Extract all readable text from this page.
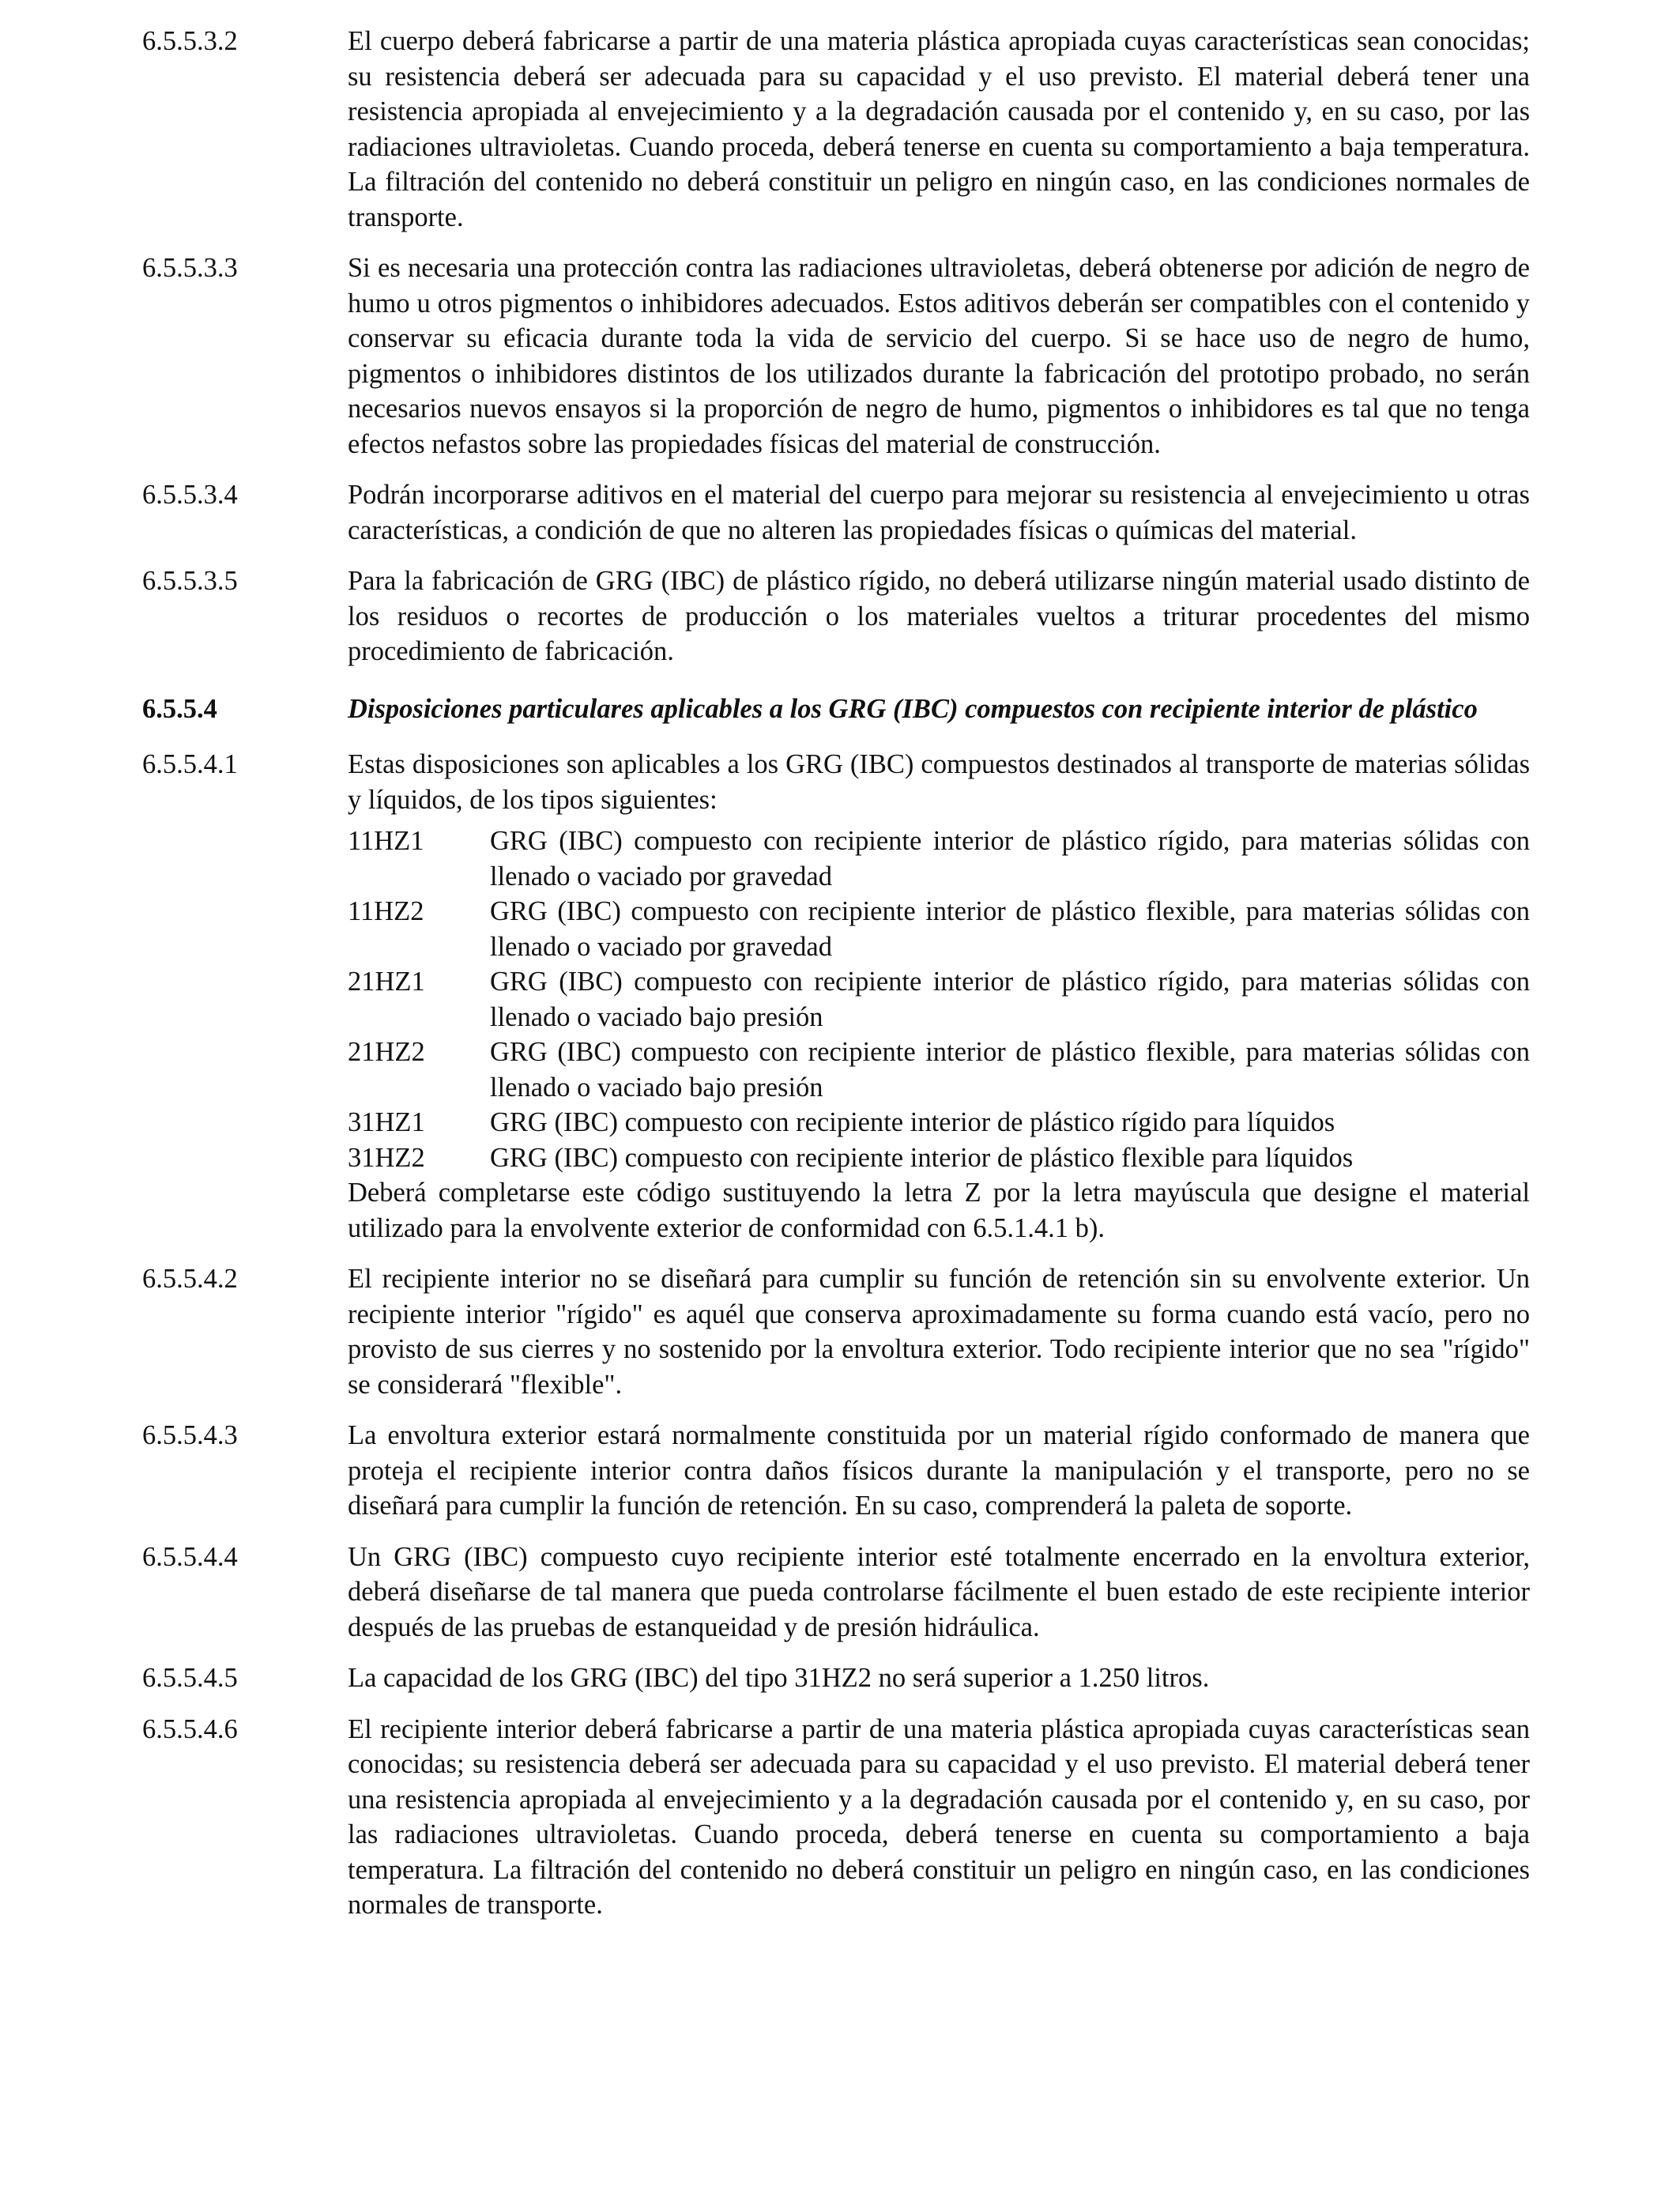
6.5.5.3.2	El cuerpo deberá fabricarse a partir de una materia plástica apropiada cuyas características sean conocidas; su resistencia deberá ser adecuada para su capacidad y el uso previsto. El material deberá tener una resistencia apropiada al envejecimiento y a la degradación causada por el contenido y, en su caso, por las radiaciones ultravioletas. Cuando proceda, deberá tenerse en cuenta su comportamiento a baja temperatura. La filtración del contenido no deberá constituir un peligro en ningún caso, en las condiciones normales de transporte.
6.5.5.3.3	Si es necesaria una protección contra las radiaciones ultravioletas, deberá obtenerse por adición de negro de humo u otros pigmentos o inhibidores adecuados. Estos aditivos deberán ser compatibles con el contenido y conservar su eficacia durante toda la vida de servicio del cuerpo. Si se hace uso de negro de humo, pigmentos o inhibidores distintos de los utilizados durante la fabricación del prototipo probado, no serán necesarios nuevos ensayos si la proporción de negro de humo, pigmentos o inhibidores es tal que no tenga efectos nefastos sobre las propiedades físicas del material de construcción.
6.5.5.3.4	Podrán incorporarse aditivos en el material del cuerpo para mejorar su resistencia al envejecimiento u otras características, a condición de que no alteren las propiedades físicas o químicas del material.
6.5.5.3.5	Para la fabricación de GRG (IBC) de plástico rígido, no deberá utilizarse ningún material usado distinto de los residuos o recortes de producción o los materiales vueltos a triturar procedentes del mismo procedimiento de fabricación.
6.5.5.4	Disposiciones particulares aplicables a los GRG (IBC) compuestos con recipiente interior de plástico
6.5.5.4.1	Estas disposiciones son aplicables a los GRG (IBC) compuestos destinados al transporte de materias sólidas y líquidos, de los tipos siguientes:

11HZ1	GRG (IBC) compuesto con recipiente interior de plástico rígido, para materias sólidas con llenado o vaciado por gravedad
11HZ2	GRG (IBC) compuesto con recipiente interior de plástico flexible, para materias sólidas con llenado o vaciado por gravedad
21HZ1	GRG (IBC) compuesto con recipiente interior de plástico rígido, para materias sólidas con llenado o vaciado bajo presión
21HZ2	GRG (IBC) compuesto con recipiente interior de plástico flexible, para materias sólidas con llenado o vaciado bajo presión
31HZ1	GRG (IBC) compuesto con recipiente interior de plástico rígido para líquidos
31HZ2	GRG (IBC) compuesto con recipiente interior de plástico flexible para líquidos

Deberá completarse este código sustituyendo la letra Z por la letra mayúscula que designe el material utilizado para la envolvente exterior de conformidad con 6.5.1.4.1 b).

6.5.5.4.2	El recipiente interior no se diseñará para cumplir su función de retención sin su envolvente exterior. Un recipiente interior "rígido" es aquél que conserva aproximadamente su forma cuando está vacío, pero no provisto de sus cierres y no sostenido por la envoltura exterior. Todo recipiente interior que no sea "rígido" se considerará "flexible".
6.5.5.4.3	La envoltura exterior estará normalmente constituida por un material rígido conformado de manera que proteja el recipiente interior contra daños físicos durante la manipulación y el transporte, pero no se diseñará para cumplir la función de retención. En su caso, comprenderá la paleta de soporte.
6.5.5.4.4	Un GRG (IBC) compuesto cuyo recipiente interior esté totalmente encerrado en la envoltura exterior, deberá diseñarse de tal manera que pueda controlarse fácilmente el buen estado de este recipiente interior después de las pruebas de estanqueidad y de presión hidráulica.
6.5.5.4.5	La capacidad de los GRG (IBC) del tipo 31HZ2 no será superior a 1.250 litros.
6.5.5.4.6	El recipiente interior deberá fabricarse a partir de una materia plástica apropiada cuyas características sean conocidas; su resistencia deberá ser adecuada para su capacidad y el uso previsto. El material deberá tener una resistencia apropiada al envejecimiento y a la degradación causada por el contenido y, en su caso, por las radiaciones ultravioletas. Cuando proceda, deberá tenerse en cuenta su comportamiento a baja temperatura. La filtración del contenido no deberá constituir un peligro en ningún caso, en las condiciones normales de transporte.
